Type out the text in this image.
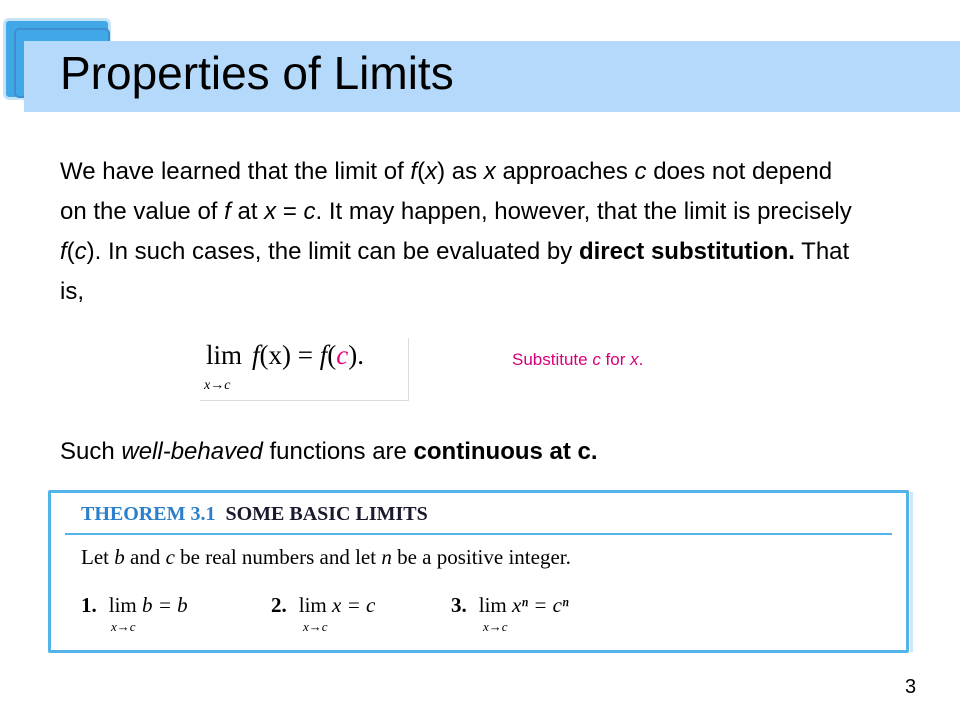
Properties of Limits

We have learned that the limit of f(x) as x approaches c does not depend on the value of f at x = c. It may happen, however, that the limit is precisely f(c). In such cases, the limit can be evaluated by direct substitution. That is,

lim
x→c
f(x) = f(c).	Substitute c for x.

Such well-behaved functions are continuous at c.

THEOREM 3.1 SOME BASIC LIMITS
Let b and c be real numbers and let n be a positive integer.
1. lim b = b
x→c
2. lim x = c
x→c
3. lim xⁿ = cⁿ
x→c
3
